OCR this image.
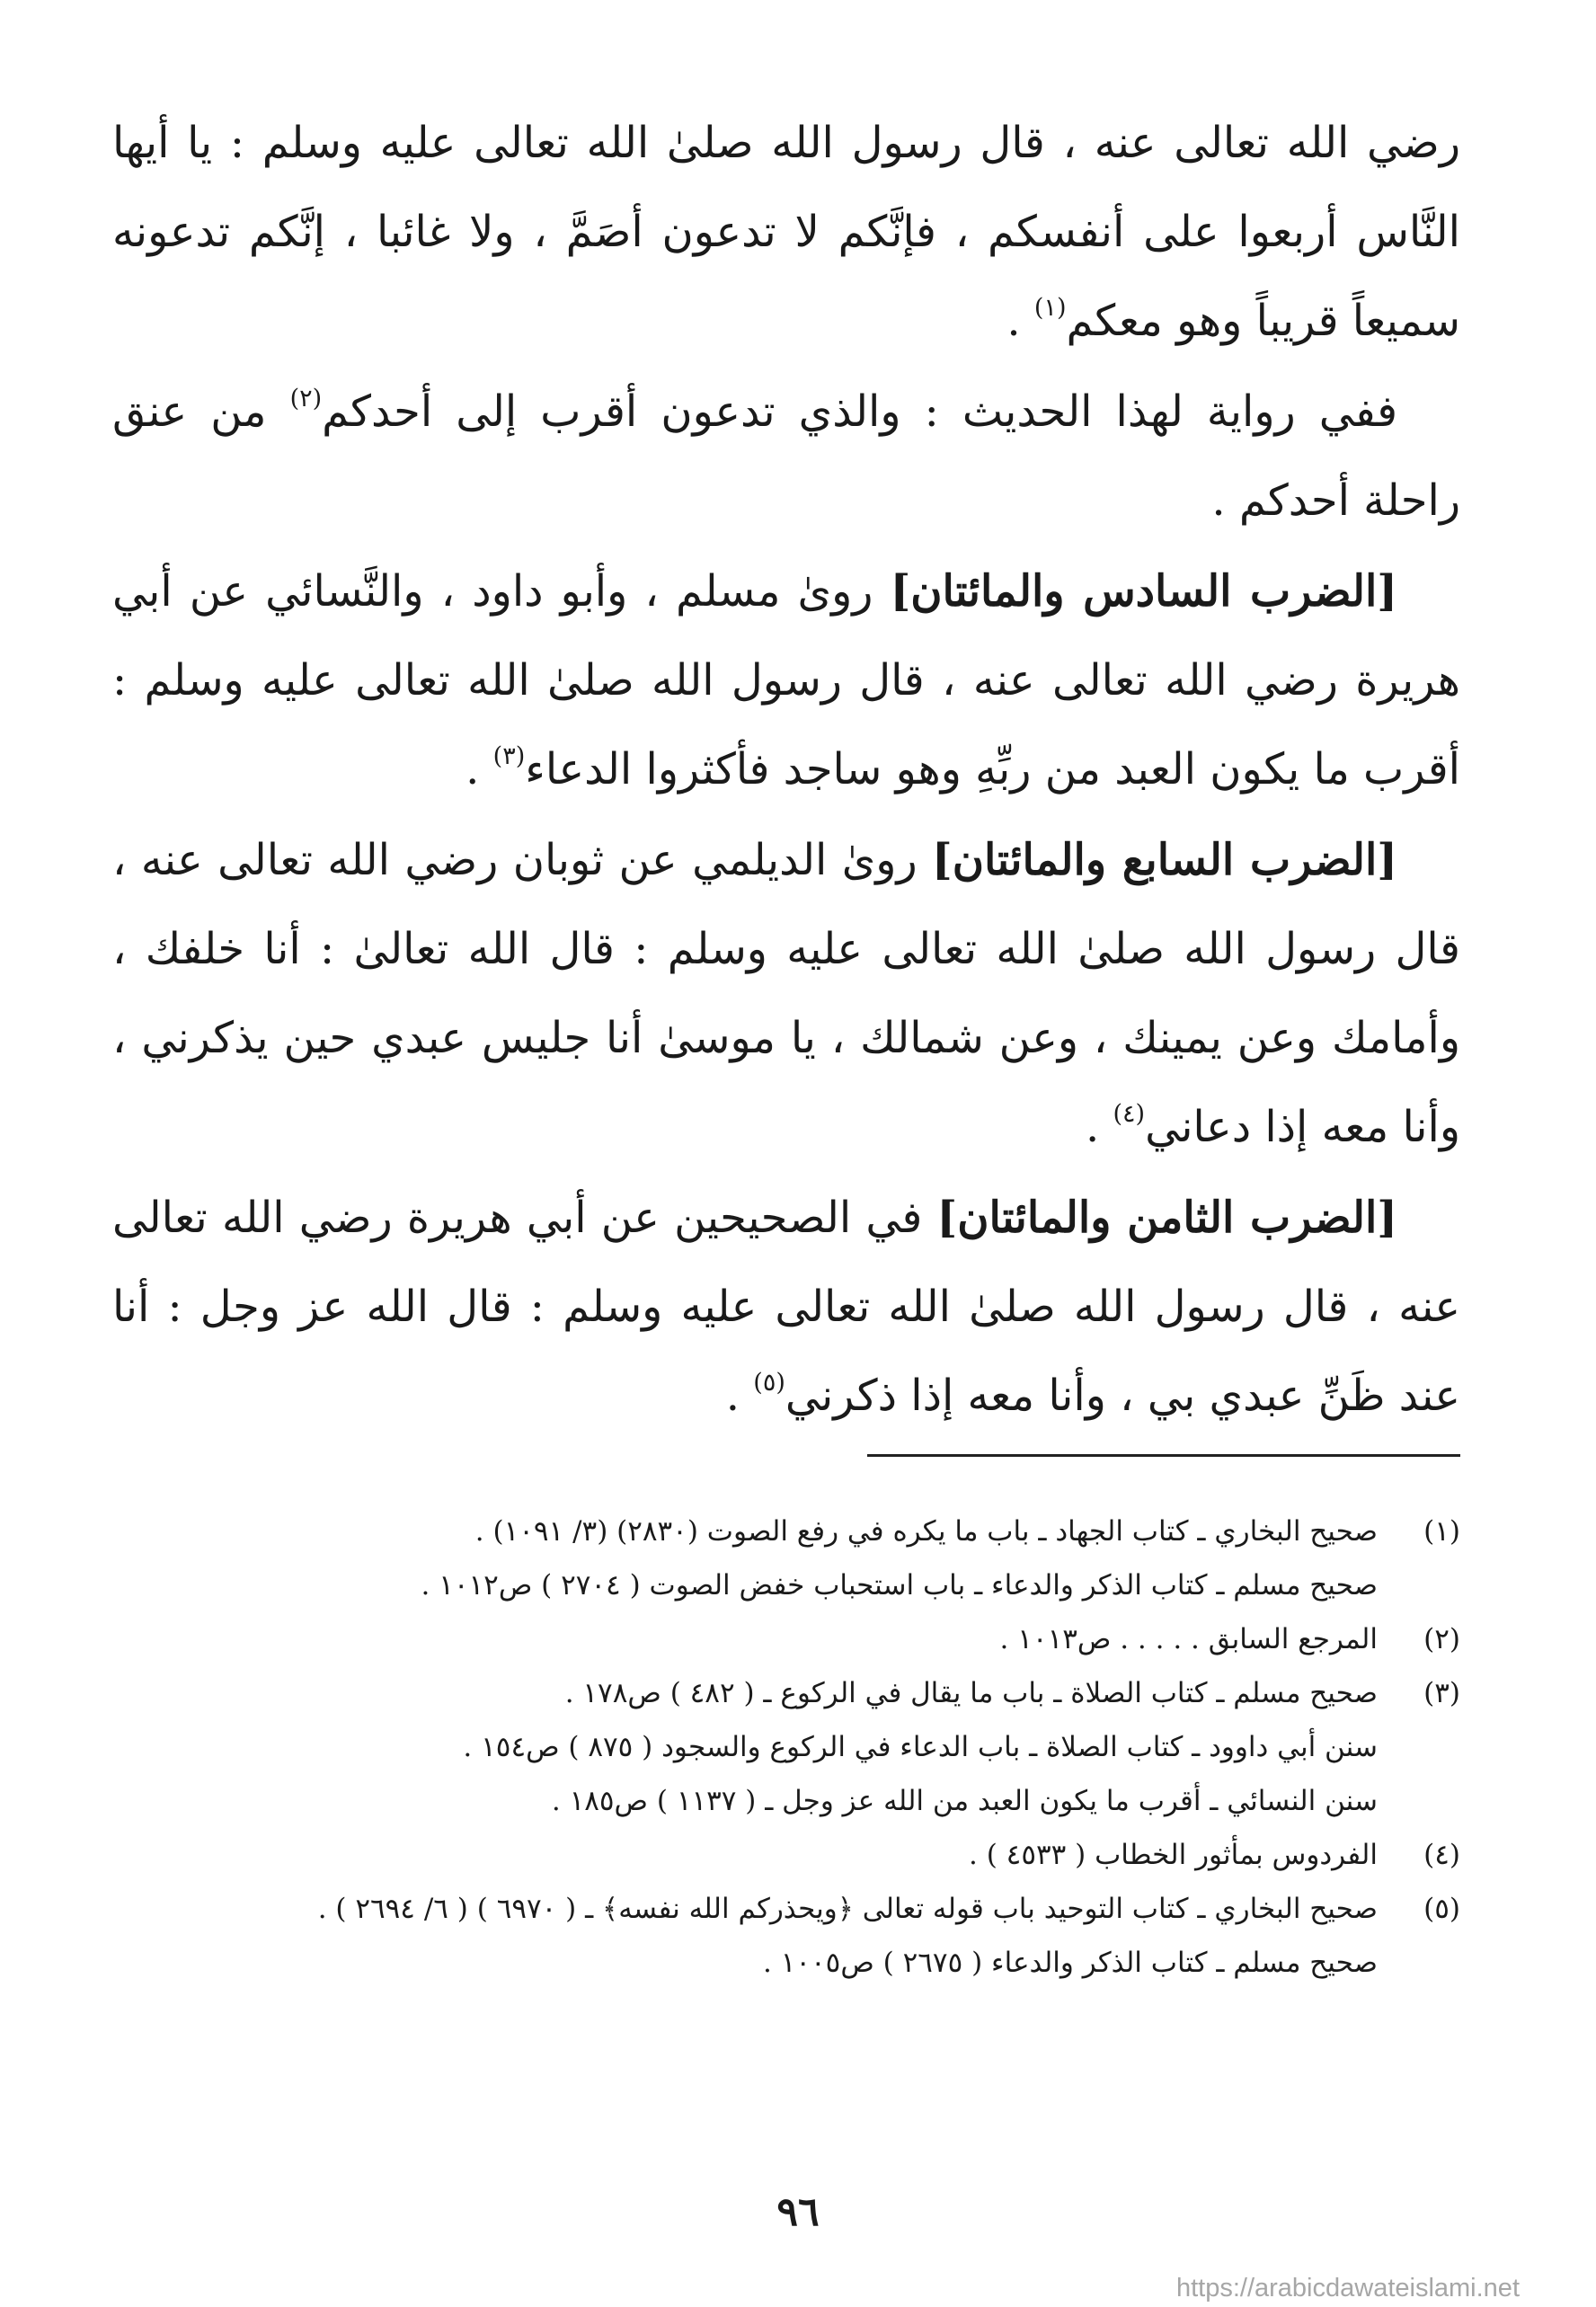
رضي الله تعالى عنه ، قال رسول الله صلىٰ الله تعالى عليه وسلم : يا أيها النَّاس أربعوا على أنفسكم ، فإنَّكم لا تدعون أصَمَّ ، ولا غائبا ، إنَّكم تدعونه سميعاً قريباً وهو معكم$^{(١)}$ .

ففي رواية لهذا الحديث : والذي تدعون أقرب إلى أحدكم$^{(٢)}$ من عنق راحلة أحدكم .

[الضرب السادس والمائتان] روىٰ مسلم ، وأبو داود ، والنَّسائي عن أبي هريرة رضي الله تعالى عنه ، قال رسول الله صلىٰ الله تعالى عليه وسلم : أقرب ما يكون العبد من ربِّهِ وهو ساجد فأكثروا الدعاء$^{(٣)}$ .

[الضرب السابع والمائتان] روىٰ الديلمي عن ثوبان رضي الله تعالى عنه ، قال رسول الله صلىٰ الله تعالى عليه وسلم : قال الله تعالىٰ : أنا خلفك ، وأمامك وعن يمينك ، وعن شمالك ، يا موسىٰ أنا جليس عبدي حين يذكرني ، وأنا معه إذا دعاني$^{(٤)}$ .

[الضرب الثامن والمائتان] في الصحيحين عن أبي هريرة رضي الله تعالى عنه ، قال رسول الله صلىٰ الله تعالى عليه وسلم : قال الله عز وجل : أنا عند ظَنِّ عبدي بي ، وأنا معه إذا ذكرني$^{(٥)}$ .

(١)
صحيح البخاري ـ كتاب الجهاد ـ باب ما يكره في رفع الصوت (٢٨٣٠) (٣/ ١٠٩١) .
صحيح مسلم ـ كتاب الذكر والدعاء ـ باب استحباب خفض الصوت ( ٢٧٠٤ ) ص١٠١٢ .
(٢)
المرجع السابق . . . . . ص١٠١٣ .
(٣)
صحيح مسلم ـ كتاب الصلاة ـ باب ما يقال في الركوع ـ ( ٤٨٢ ) ص١٧٨ .
سنن أبي داوود ـ كتاب الصلاة ـ باب الدعاء في الركوع والسجود ( ٨٧٥ ) ص١٥٤ .
سنن النسائي ـ أقرب ما يكون العبد من الله عز وجل ـ ( ١١٣٧ ) ص١٨٥ .
(٤)
الفردوس بمأثور الخطاب ( ٤٥٣٣ ) .
(٥)
صحيح البخاري ـ كتاب التوحيد باب قوله تعالى ﴿ويحذركم الله نفسه﴾ ـ ( ٦٩٧٠ ) ( ٦/ ٢٦٩٤ ) .
صحيح مسلم ـ كتاب الذكر والدعاء ( ٢٦٧٥ ) ص١٠٠٥ .
٩٦
https://arabicdawateislami.net
